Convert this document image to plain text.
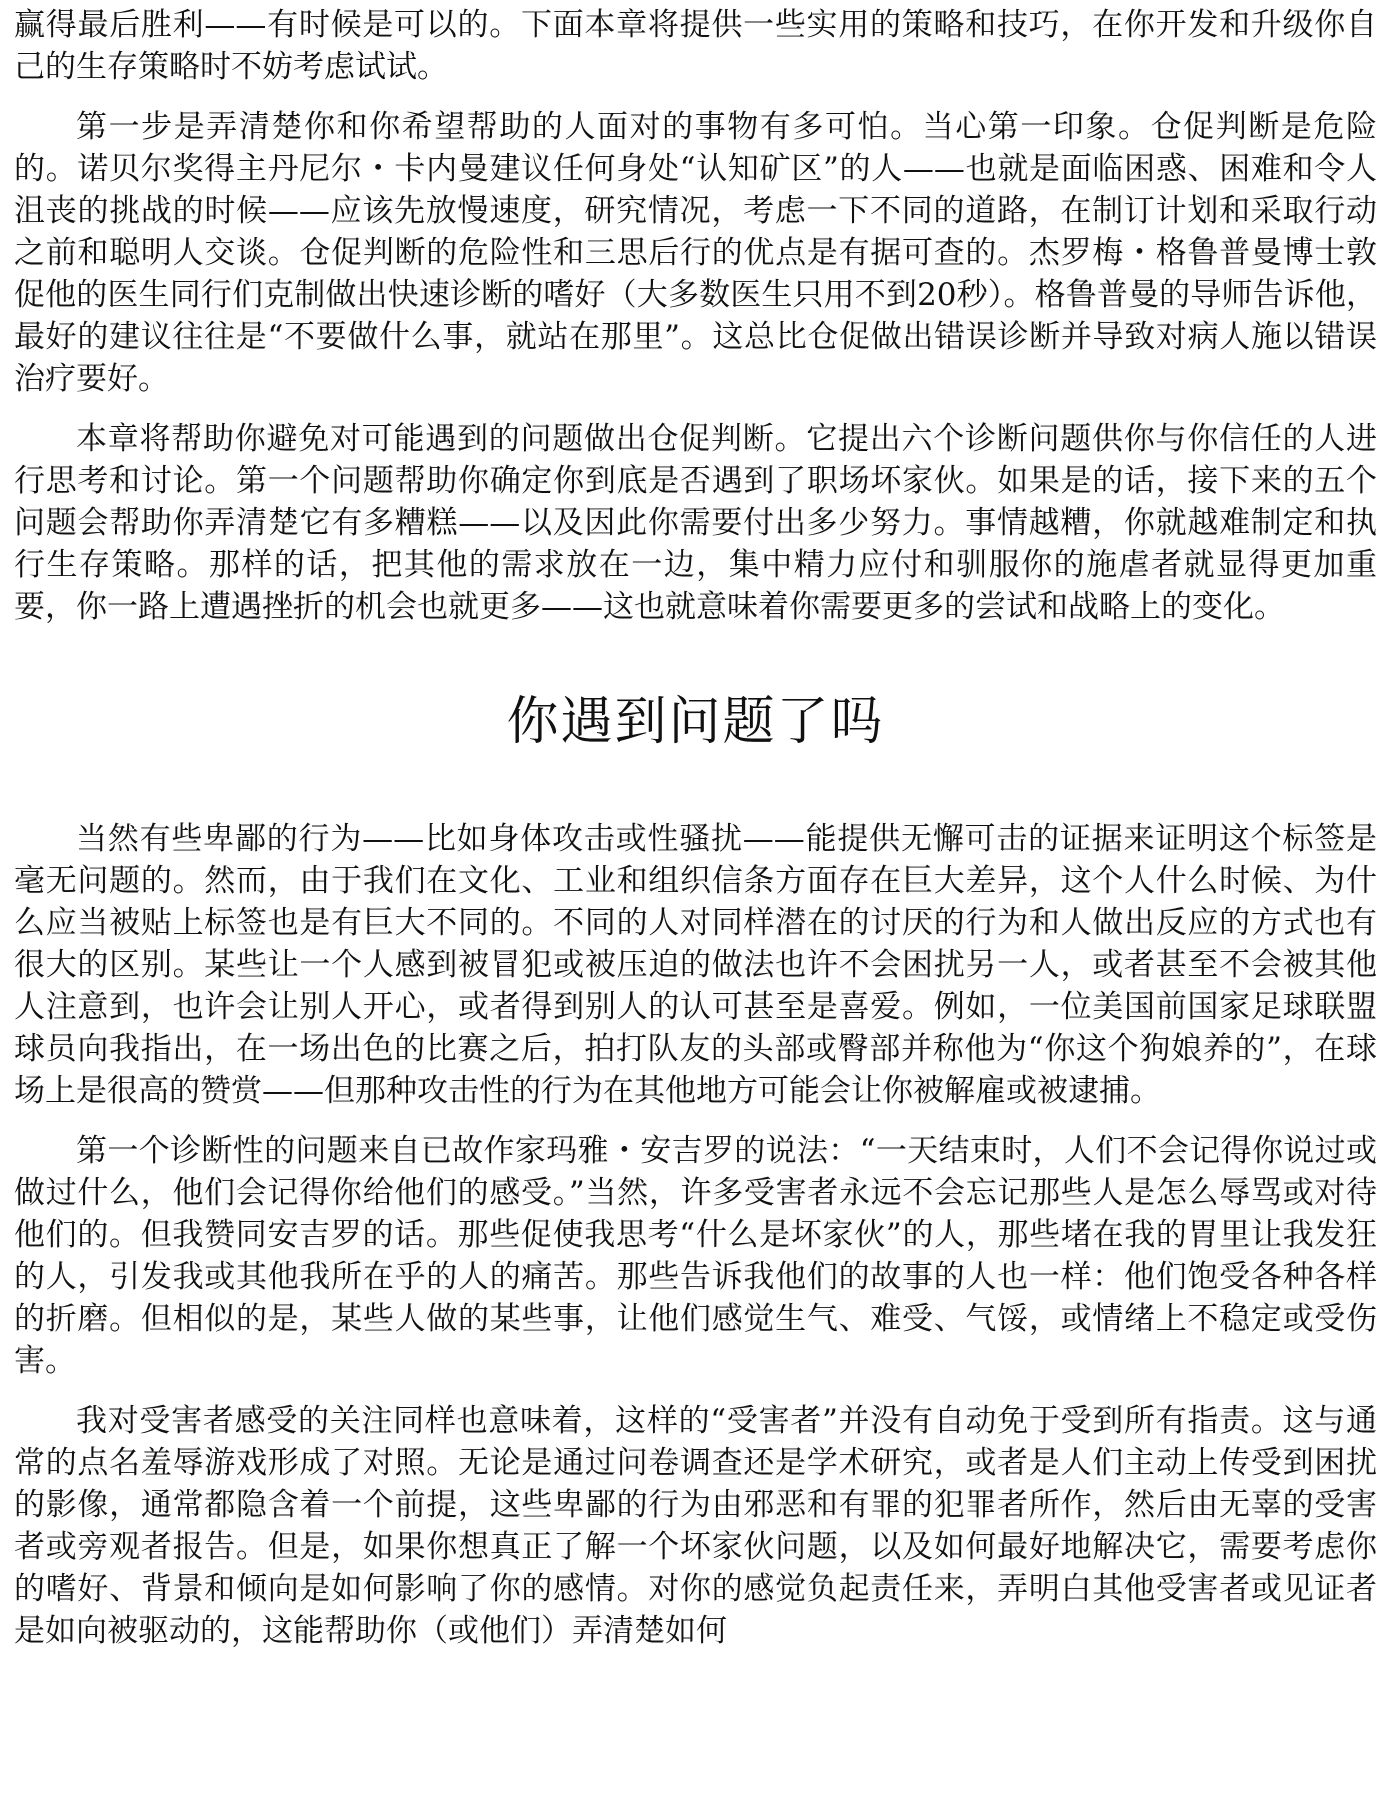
赢得最后胜利——有时候是可以的。下面本章将提供一些实用的策略和技巧，在你开发和升级你自己的生存策略时不妨考虑试试。

第一步是弄清楚你和你希望帮助的人面对的事物有多可怕。当心第一印象。仓促判断是危险的。诺贝尔奖得主丹尼尔・卡内曼建议任何身处“认知矿区”的人——也就是面临困惑、困难和令人沮丧的挑战的时候——应该先放慢速度，研究情况，考虑一下不同的道路，在制订计划和采取行动之前和聪明人交谈。仓促判断的危险性和三思后行的优点是有据可查的。杰罗梅・格鲁普曼博士敦促他的医生同行们克制做出快速诊断的嗜好（大多数医生只用不到20秒）。格鲁普曼的导师告诉他，最好的建议往往是“不要做什么事，就站在那里”。这总比仓促做出错误诊断并导致对病人施以错误治疗要好。

本章将帮助你避免对可能遇到的问题做出仓促判断。它提出六个诊断问题供你与你信任的人进行思考和讨论。第一个问题帮助你确定你到底是否遇到了职场坏家伙。如果是的话，接下来的五个问题会帮助你弄清楚它有多糟糕——以及因此你需要付出多少努力。事情越糟，你就越难制定和执行生存策略。那样的话，把其他的需求放在一边，集中精力应付和驯服你的施虐者就显得更加重要，你一路上遭遇挫折的机会也就更多——这也就意味着你需要更多的尝试和战略上的变化。

你遇到问题了吗

当然有些卑鄙的行为——比如身体攻击或性骚扰——能提供无懈可击的证据来证明这个标签是毫无问题的。然而，由于我们在文化、工业和组织信条方面存在巨大差异，这个人什么时候、为什么应当被贴上标签也是有巨大不同的。不同的人对同样潜在的讨厌的行为和人做出反应的方式也有很大的区别。某些让一个人感到被冒犯或被压迫的做法也许不会困扰另一人，或者甚至不会被其他人注意到，也许会让别人开心，或者得到别人的认可甚至是喜爱。例如，一位美国前国家足球联盟球员向我指出，在一场出色的比赛之后，拍打队友的头部或臀部并称他为“你这个狗娘养的”，在球场上是很高的赞赏——但那种攻击性的行为在其他地方可能会让你被解雇或被逮捕。

第一个诊断性的问题来自已故作家玛雅・安吉罗的说法：“一天结束时，人们不会记得你说过或做过什么，他们会记得你给他们的感受。”当然，许多受害者永远不会忘记那些人是怎么辱骂或对待他们的。但我赞同安吉罗的话。那些促使我思考“什么是坏家伙”的人，那些堵在我的胃里让我发狂的人，引发我或其他我所在乎的人的痛苦。那些告诉我他们的故事的人也一样：他们饱受各种各样的折磨。但相似的是，某些人做的某些事，让他们感觉生气、难受、气馁，或情绪上不稳定或受伤害。

我对受害者感受的关注同样也意味着，这样的“受害者”并没有自动免于受到所有指责。这与通常的点名羞辱游戏形成了对照。无论是通过问卷调查还是学术研究，或者是人们主动上传受到困扰的影像，通常都隐含着一个前提，这些卑鄙的行为由邪恶和有罪的犯罪者所作，然后由无辜的受害者或旁观者报告。但是，如果你想真正了解一个坏家伙问题，以及如何最好地解决它，需要考虑你的嗜好、背景和倾向是如何影响了你的感情。对你的感觉负起责任来，弄明白其他受害者或见证者是如向被驱动的，这能帮助你（或他们）弄清楚如何
